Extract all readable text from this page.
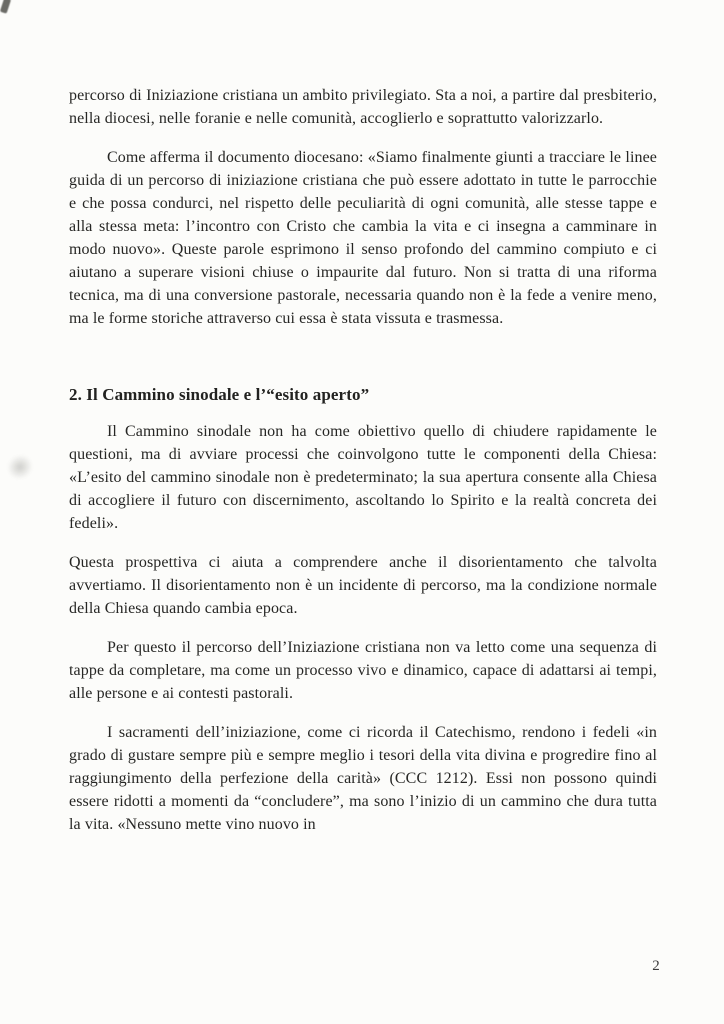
percorso di Iniziazione cristiana un ambito privilegiato. Sta a noi, a partire dal presbiterio, nella diocesi, nelle foranie e nelle comunità, accoglierlo e soprattutto valorizzarlo.

Come afferma il documento diocesano: «Siamo finalmente giunti a tracciare le linee guida di un percorso di iniziazione cristiana che può essere adottato in tutte le parrocchie e che possa condurci, nel rispetto delle peculiarità di ogni comunità, alle stesse tappe e alla stessa meta: l’incontro con Cristo che cambia la vita e ci insegna a camminare in modo nuovo». Queste parole esprimono il senso profondo del cammino compiuto e ci aiutano a superare visioni chiuse o impaurite dal futuro. Non si tratta di una riforma tecnica, ma di una conversione pastorale, necessaria quando non è la fede a venire meno, ma le forme storiche attraverso cui essa è stata vissuta e trasmessa.

2. Il Cammino sinodale e l’“esito aperto”

Il Cammino sinodale non ha come obiettivo quello di chiudere rapidamente le questioni, ma di avviare processi che coinvolgono tutte le componenti della Chiesa: «L’esito del cammino sinodale non è predeterminato; la sua apertura consente alla Chiesa di accogliere il futuro con discernimento, ascoltando lo Spirito e la realtà concreta dei fedeli».

Questa prospettiva ci aiuta a comprendere anche il disorientamento che talvolta avvertiamo. Il disorientamento non è un incidente di percorso, ma la condizione normale della Chiesa quando cambia epoca.

Per questo il percorso dell’Iniziazione cristiana non va letto come una sequenza di tappe da completare, ma come un processo vivo e dinamico, capace di adattarsi ai tempi, alle persone e ai contesti pastorali.

I sacramenti dell’iniziazione, come ci ricorda il Catechismo, rendono i fedeli «in grado di gustare sempre più e sempre meglio i tesori della vita divina e progredire fino al raggiungimento della perfezione della carità» (CCC 1212). Essi non possono quindi essere ridotti a momenti da “concludere”, ma sono l’inizio di un cammino che dura tutta la vita. «Nessuno mette vino nuovo in

2
